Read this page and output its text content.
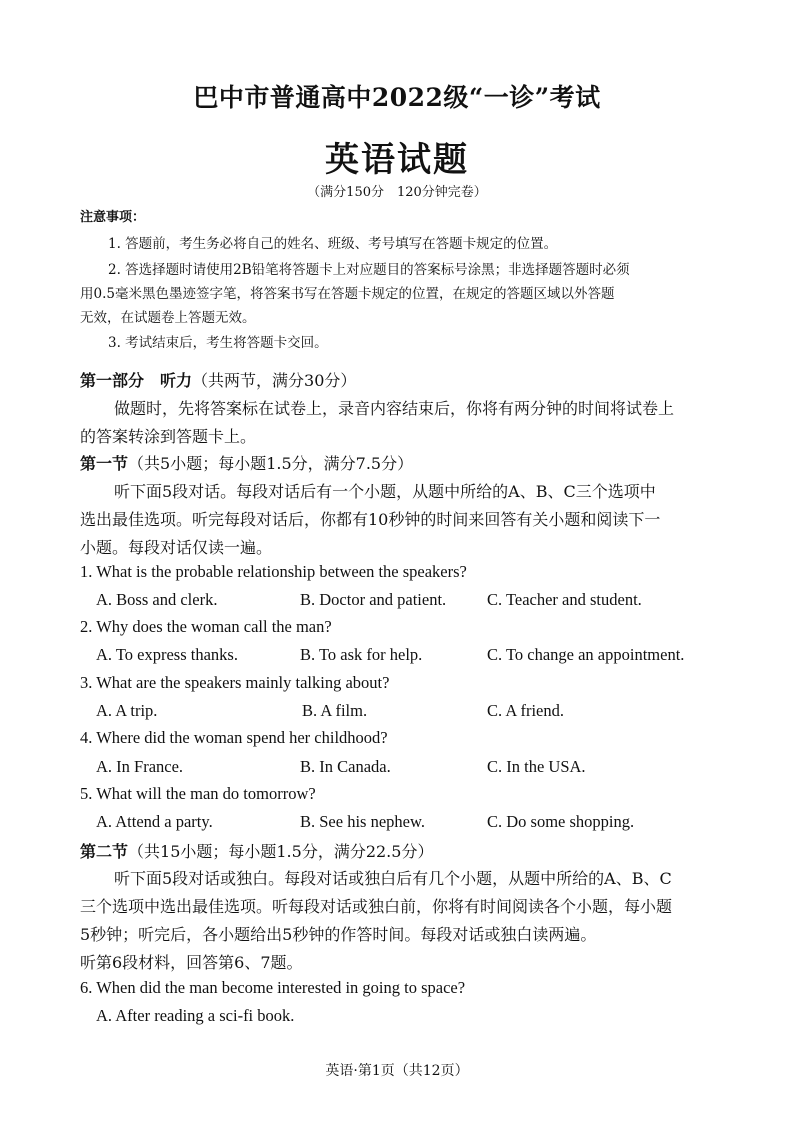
巴中市普通高中2022级“一诊”考试
英语试题
（满分150分　120分钟完卷）
注意事项：
1. 答题前，考生务必将自己的姓名、班级、考号填写在答题卡规定的位置。
2. 答选择题时请使用2B铅笔将答题卡上对应题目的答案标号涂黑；非选择题答题时必须
用0.5毫米黑色墨迹签字笔，将答案书写在答题卡规定的位置，在规定的答题区域以外答题
无效，在试题卷上答题无效。
3. 考试结束后，考生将答题卡交回。
第一部分　听力（共两节，满分30分）
做题时，先将答案标在试卷上，录音内容结束后，你将有两分钟的时间将试卷上
的答案转涂到答题卡上。
第一节（共5小题；每小题1.5分，满分7.5分）
听下面5段对话。每段对话后有一个小题，从题中所给的A、B、C三个选项中
选出最佳选项。听完每段对话后，你都有10秒钟的时间来回答有关小题和阅读下一
小题。每段对话仅读一遍。
1. What is the probable relationship between the speakers?
A. Boss and clerk.	B. Doctor and patient. C. Teacher and student.
2. Why does the woman call the man?
A. To express thanks.	B. To ask for help.	C. To change an appointment.
3. What are the speakers mainly talking about?
A. A trip.	B. A film.	C. A friend.
4. Where did the woman spend her childhood?
A. In France.	B. In Canada.	C. In the USA.
5. What will the man do tomorrow?
A. Attend a party.	B. See his nephew.	C. Do some shopping.
第二节（共15小题；每小题1.5分，满分22.5分）
听下面5段对话或独白。每段对话或独白后有几个小题，从题中所给的A、B、C
三个选项中选出最佳选项。听每段对话或独白前，你将有时间阅读各个小题，每小题
5秒钟；听完后，各小题给出5秒钟的作答时间。每段对话或独白读两遍。
听第6段材料，回答第6、7题。
6. When did the man become interested in going to space?
A. After reading a sci-fi book.
英语·第1页（共12页）
